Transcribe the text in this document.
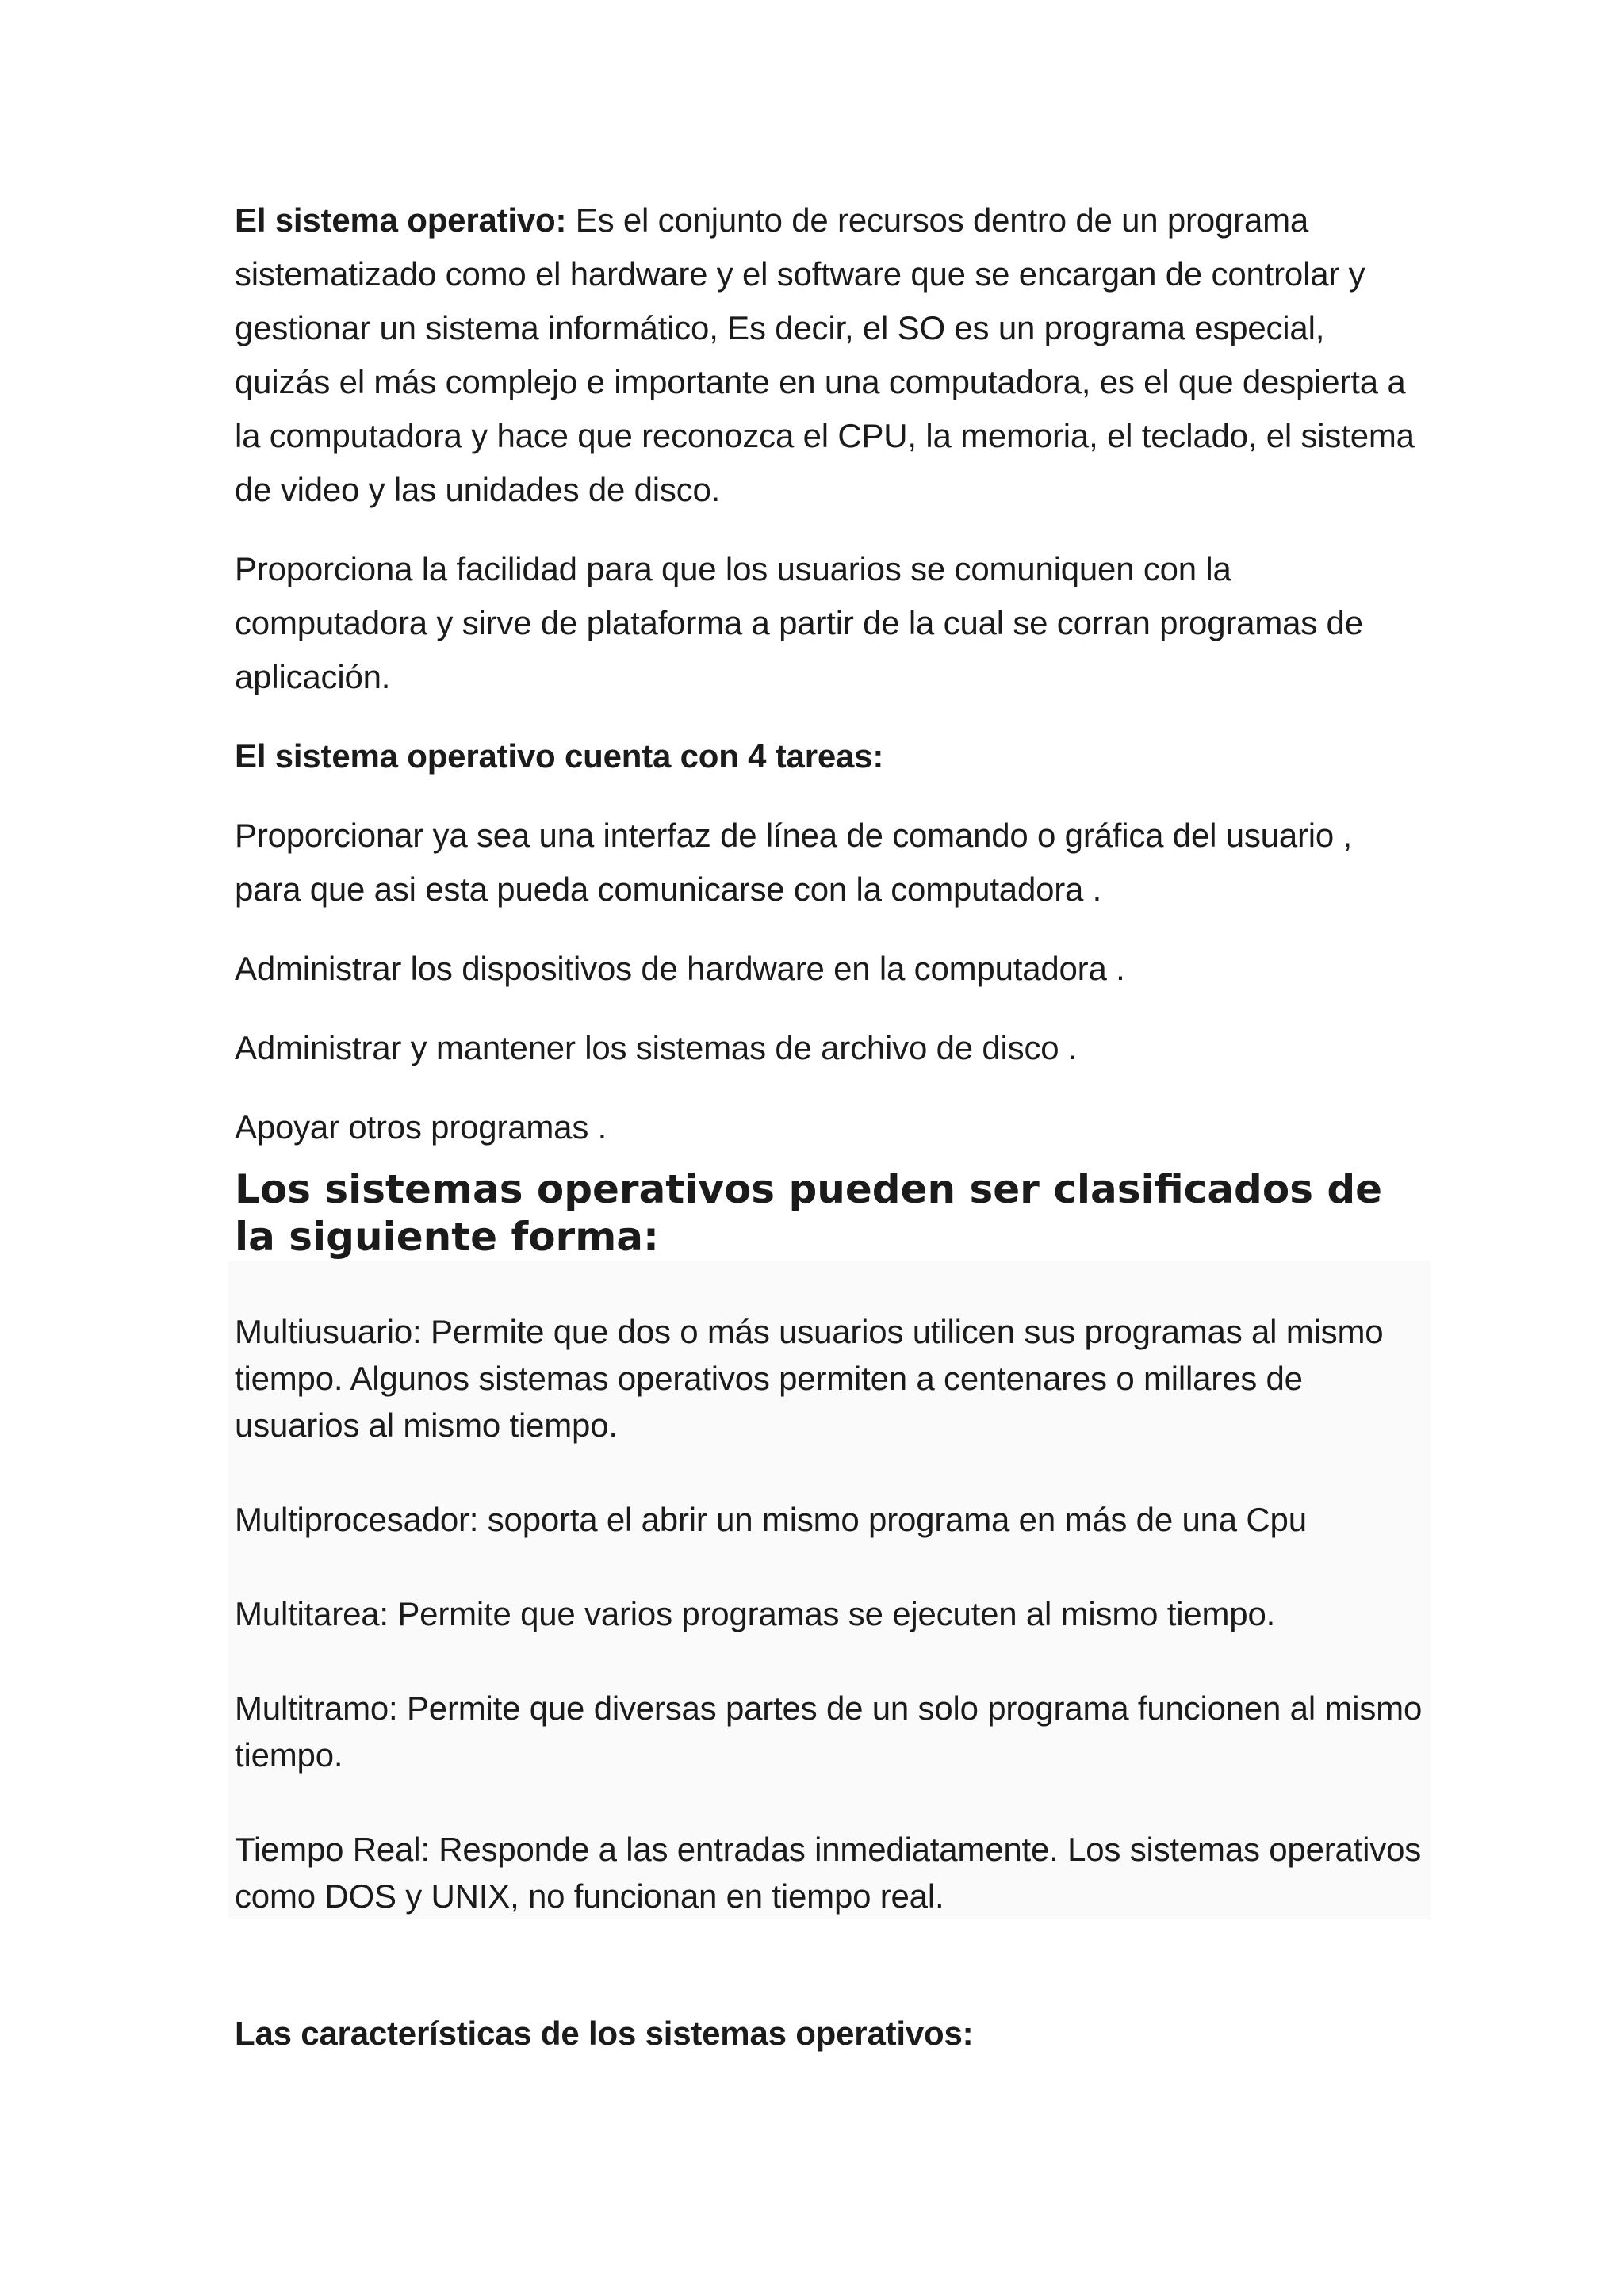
El sistema operativo: Es el conjunto de recursos dentro de un programa sistematizado como el hardware y el software que se encargan de controlar y gestionar un sistema informático, Es decir, el SO es un programa especial, quizás el más complejo e importante en una computadora, es el que despierta a la computadora y hace que reconozca el CPU, la memoria, el teclado, el sistema de video y las unidades de disco.

Proporciona la facilidad para que los usuarios se comuniquen con la computadora y sirve de plataforma a partir de la cual se corran programas de aplicación.

El sistema operativo cuenta con 4 tareas:

Proporcionar ya sea una interfaz de línea de comando o gráfica del usuario , para que asi esta pueda comunicarse con la computadora .

Administrar los dispositivos de hardware en la computadora .

Administrar y mantener los sistemas de archivo de disco .

Apoyar otros programas .

Los sistemas operativos pueden ser clasificados de la siguiente forma:

Multiusuario: Permite que dos o más usuarios utilicen sus programas al mismo tiempo. Algunos sistemas operativos permiten a centenares o millares de usuarios al mismo tiempo.

Multiprocesador: soporta el abrir un mismo programa en más de una Cpu

Multitarea: Permite que varios programas se ejecuten al mismo tiempo.

Multitramo: Permite que diversas partes de un solo programa funcionen al mismo tiempo.

Tiempo Real: Responde a las entradas inmediatamente. Los sistemas operativos como DOS y UNIX, no funcionan en tiempo real.

Las características de los sistemas operativos:
